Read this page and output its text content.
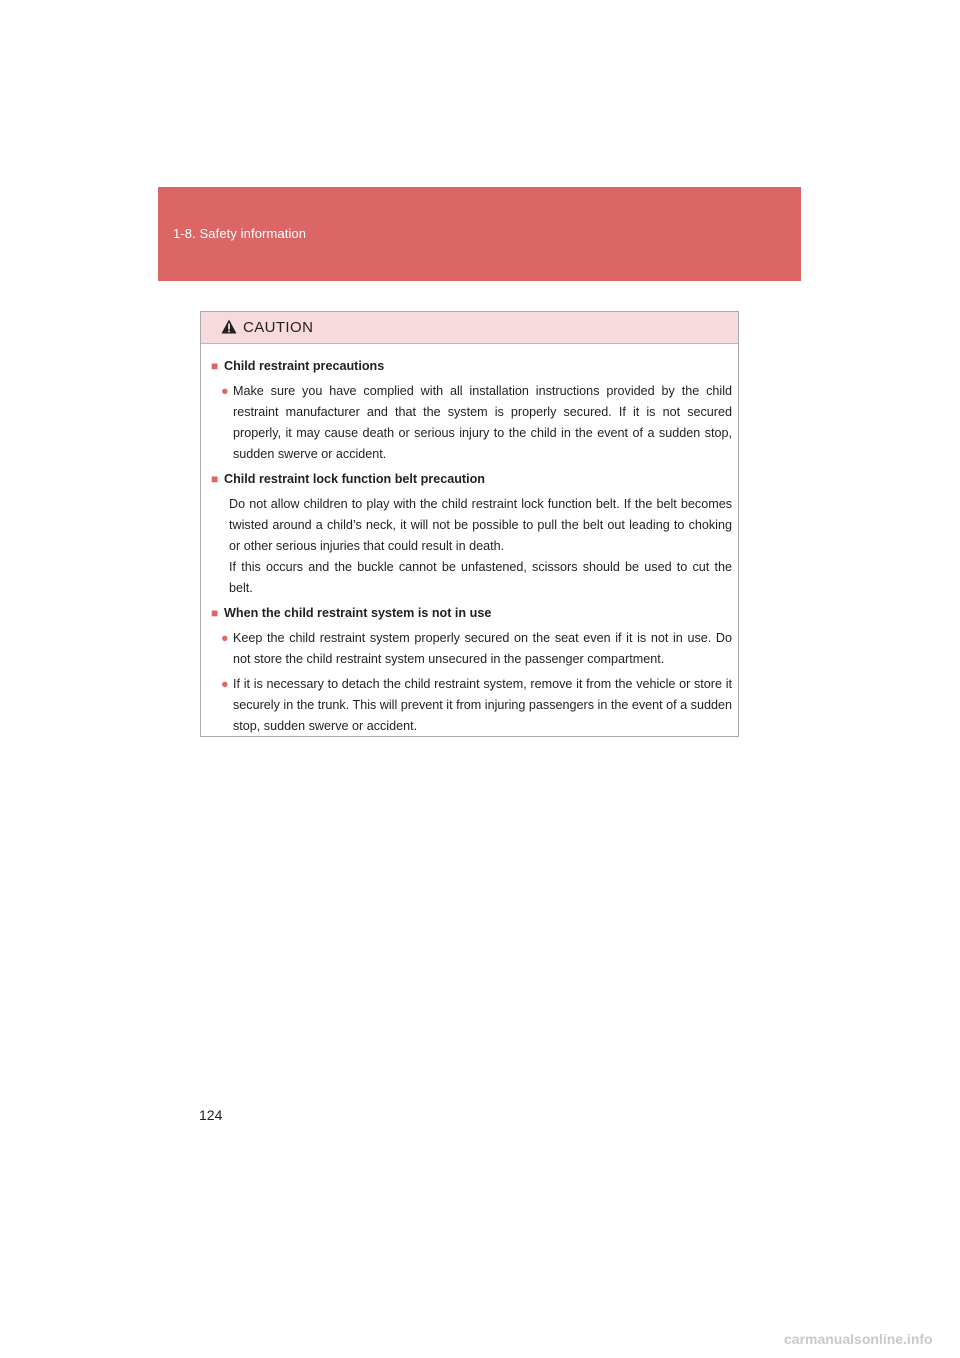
1-8. Safety information
CAUTION
■ Child restraint precautions
● Make sure you have complied with all installation instructions provided by the child restraint manufacturer and that the system is properly secured. If it is not secured properly, it may cause death or serious injury to the child in the event of a sudden stop, sudden swerve or accident.
■ Child restraint lock function belt precaution
Do not allow children to play with the child restraint lock function belt. If the belt becomes twisted around a child’s neck, it will not be possible to pull the belt out leading to choking or other serious injuries that could result in death.
If this occurs and the buckle cannot be unfastened, scissors should be used to cut the belt.
■ When the child restraint system is not in use
● Keep the child restraint system properly secured on the seat even if it is not in use. Do not store the child restraint system unsecured in the passenger compartment.
● If it is necessary to detach the child restraint system, remove it from the vehicle or store it securely in the trunk. This will prevent it from injuring passengers in the event of a sudden stop, sudden swerve or accident.
124
carmanualsonline.info
